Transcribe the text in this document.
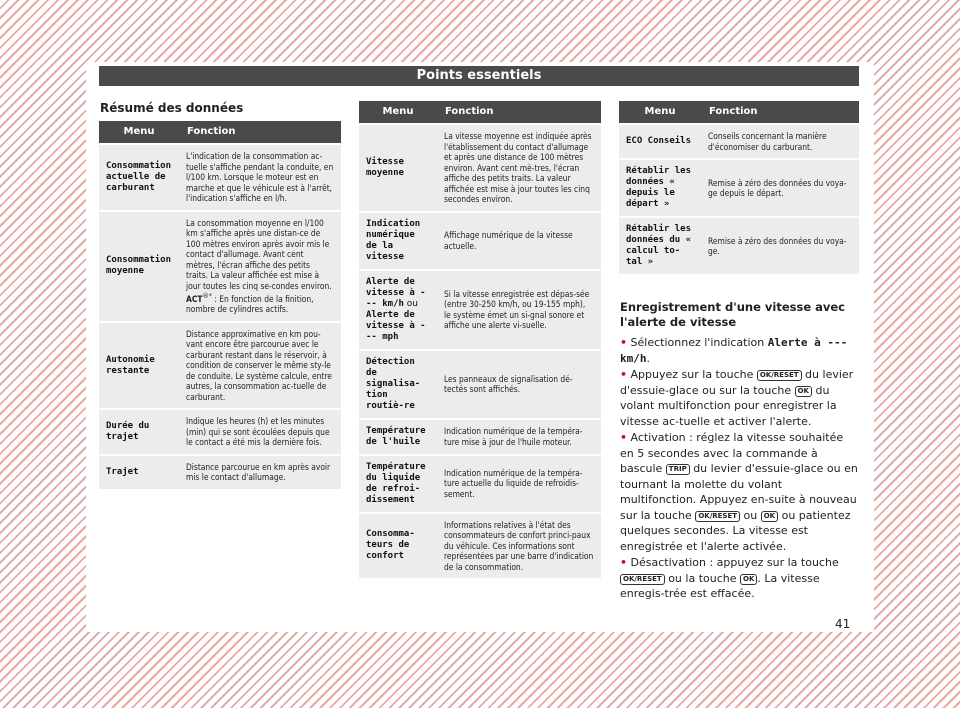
Points essentiels
Résumé des données
Menu	Fonction
Consommation actuelle de carburant	L'indication de la consommation ac-tuelle s'affiche pendant la conduite, en l/100 km. Lorsque le moteur est en marche et que le véhicule est à l'arrêt, l'indication s'affiche en l/h.
Consommation moyenne	La consommation moyenne en l/100 km s'affiche après une distan-ce de 100 mètres environ après avoir mis le contact d'allumage. Avant cent mètres, l'écran affiche des petits traits. La valeur affichée est mise à jour toutes les cinq se-condes environ.
ACT®* : En fonction de la finition, nombre de cylindres actifs.
Autonomie restante	Distance approximative en km pou-vant encore être parcourue avec le carburant restant dans le réservoir, à condition de conserver le même sty-le de conduite. Le système calcule, entre autres, la consommation ac-tuelle de carburant.
Durée du trajet	Indique les heures (h) et les minutes (min) qui se sont écoulées depuis que le contact a été mis la dernière fois.
Trajet	Distance parcourue en km après avoir mis le contact d'allumage.
Menu	Fonction
Vitesse moyenne	La vitesse moyenne est indiquée après l'établissement du contact d'allumage et après une distance de 100 mètres environ. Avant cent mè-tres, l'écran affiche des petits traits. La valeur affichée est mise à jour toutes les cinq secondes environ.
Indication numérique de la vitesse	Affichage numérique de la vitesse actuelle.
Alerte de vitesse à --- km/h ou Alerte de vitesse à --- mph	Si la vitesse enregistrée est dépas-sée (entre 30-250 km/h, ou 19-155 mph), le système émet un si-gnal sonore et affiche une alerte vi-suelle.
Détection de signalisa-tion routiè-re	Les panneaux de signalisation dé-tectés sont affichés.
Température de l'huile	Indication numérique de la tempéra-ture mise à jour de l'huile moteur.
Température du liquide de refroi-dissement	Indication numérique de la tempéra-ture actuelle du liquide de refroidis-sement.
Consomma-teurs de confort	Informations relatives à l'état des consommateurs de confort princi-paux du véhicule. Ces informations sont représentées par une barre d'indication de la consommation.
Menu	Fonction
ECO Conseils	Conseils concernant la manière d'économiser du carburant.
Rétablir les données « depuis le départ »	Remise à zéro des données du voya-ge depuis le départ.
Rétablir les données du « calcul to-tal »	Remise à zéro des données du voya-ge.
Enregistrement d'une vitesse avec l'alerte de vitesse

• Sélectionnez l'indication Alerte à --- km/h.

• Appuyez sur la touche OK/RESET du levier d'essuie-glace ou sur la touche OK du volant multifonction pour enregistrer la vitesse ac-tuelle et activer l'alerte.

• Activation : réglez la vitesse souhaitée en 5 secondes avec la commande à bascule TRIP du levier d'essuie-glace ou en tournant la molette du volant multifonction. Appuyez en-suite à nouveau sur la touche OK/RESET ou OK ou patientez quelques secondes. La vitesse est enregistrée et l'alerte activée.

• Désactivation : appuyez sur la touche OK/RESET ou la touche OK . La vitesse enregis-trée est effacée.

41
